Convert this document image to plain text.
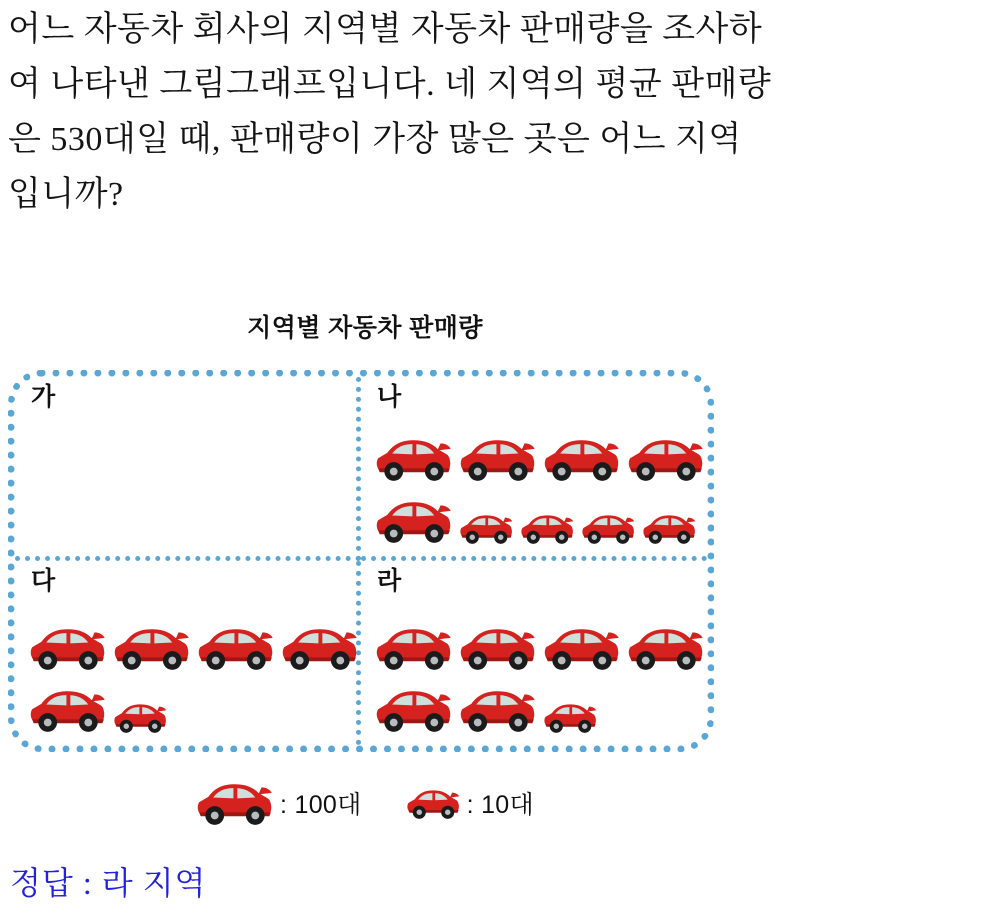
어느 자동차 회사의 지역별 자동차 판매량을 조사하
여 나타낸 그림그래프입니다. 네 지역의 평균 판매량
은 530대일 때, 판매량이 가장 많은 곳은 어느 지역
입니까?
지역별 자동차 판매량
가	나
다	라
: 100대	: 10대
정답 : 라 지역
